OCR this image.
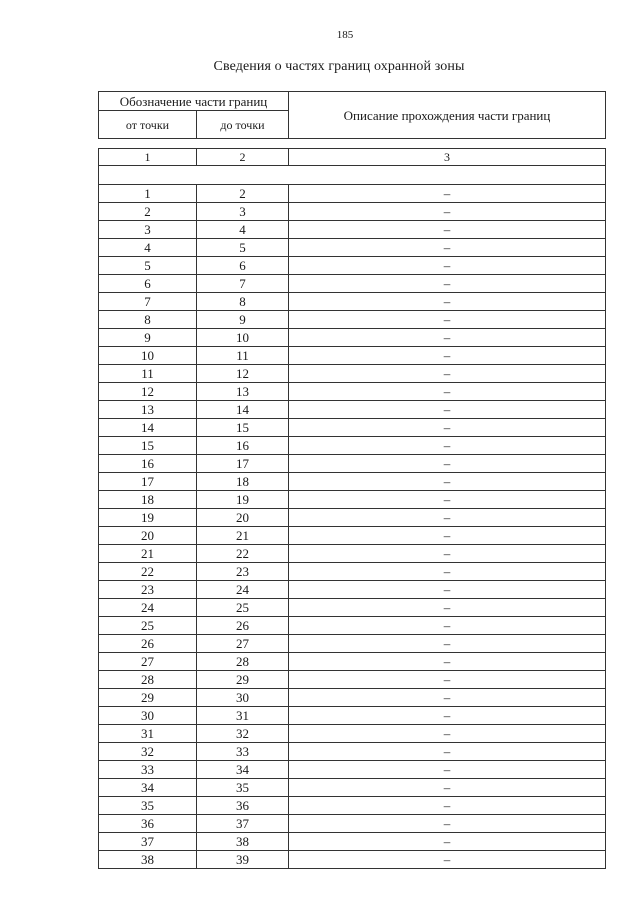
185
Сведения о частях границ охранной зоны
Обозначение части границ		Описание прохождения части границ
от точки	до точки	

1	2	3

1	2	–
2	3	–
3	4	–
4	5	–
5	6	–
6	7	–
7	8	–
8	9	–
9	10	–
10	11	–
11	12	–
12	13	–
13	14	–
14	15	–
15	16	–
16	17	–
17	18	–
18	19	–
19	20	–
20	21	–
21	22	–
22	23	–
23	24	–
24	25	–
25	26	–
26	27	–
27	28	–
28	29	–
29	30	–
30	31	–
31	32	–
32	33	–
33	34	–
34	35	–
35	36	–
36	37	–
37	38	–
38	39	–
